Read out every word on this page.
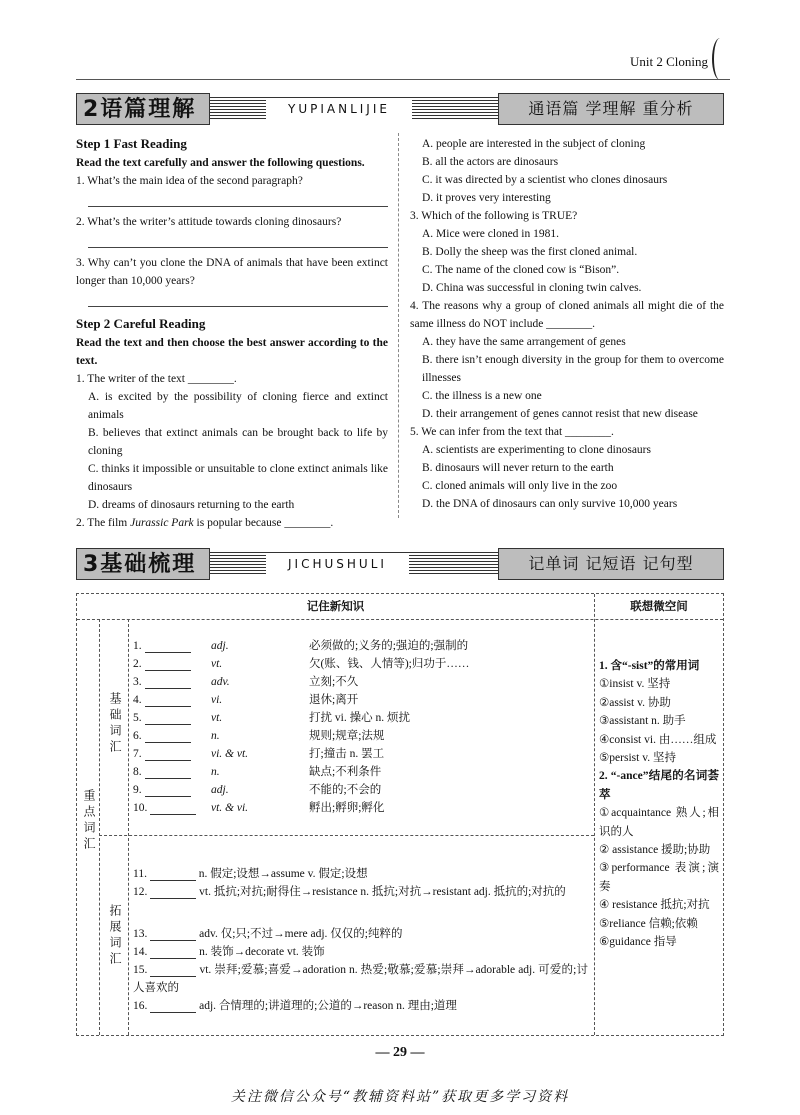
Unit 2 Cloning
2语篇理解	YUPIANLIJIE	通语篇 学理解 重分析
Step 1 Fast Reading
Read the text carefully and answer the following questions.
1. What’s the main idea of the second paragraph?
2. What’s the writer’s attitude towards cloning dinosaurs?
3. Why can’t you clone the DNA of animals that have been extinct longer than 10,000 years?
Step 2 Careful Reading
Read the text and then choose the best answer according to the text.
1. The writer of the text ________.
A. is excited by the possibility of cloning fierce and extinct animals
B. believes that extinct animals can be brought back to life by cloning
C. thinks it impossible or unsuitable to clone extinct animals like dinosaurs
D. dreams of dinosaurs returning to the earth
2. The film Jurassic Park is popular because ________.
A. people are interested in the subject of cloning
B. all the actors are dinosaurs
C. it was directed by a scientist who clones dinosaurs
D. it proves very interesting
3. Which of the following is TRUE?
A. Mice were cloned in 1981.
B. Dolly the sheep was the first cloned animal.
C. The name of the cloned cow is “Bison”.
D. China was successful in cloning twin calves.
4. The reasons why a group of cloned animals all might die of the same illness do NOT include ________.
A. they have the same arrangement of genes
B. there isn’t enough diversity in the group for them to overcome illnesses
C. the illness is a new one
D. their arrangement of genes cannot resist that new disease
5. We can infer from the text that ________.
A. scientists are experimenting to clone dinosaurs
B. dinosaurs will never return to the earth
C. cloned animals will only live in the zoo
D. the DNA of dinosaurs can only survive 10,000 years
3基础梳理	JICHUSHULI	记单词 记短语 记句型
记住新知识	联想微空间
重点词汇
基础词汇
拓展词汇
1.	adj.	必须做的;义务的;强迫的;强制的
2.	vt.	欠(账、钱、人情等);归功于……
3.	adv.	立刻;不久
4.	vi.	退休;离开
5.	vt.	打扰 vi. 操心 n. 烦扰
6.	n.	规则;规章;法规
7.	vi. & vt.	打;撞击 n. 罢工
8.	n.	缺点;不利条件
9.	adj.	不能的;不会的
10.	vt. & vi.	孵出;孵卵;孵化
11.	n. 假定;设想→assume v. 假定;设想
12.	vt. 抵抗;对抗;耐得住→resistance n. 抵抗;对抗→resistant adj. 抵抗的;对抗的
13.	adv. 仅;只;不过→mere adj. 仅仅的;纯粹的
14.	n. 装饰→decorate vt. 装饰
15.	vt. 崇拜;爱慕;喜爱→adoration n. 热爱;敬慕;爱慕;崇拜→adorable adj. 可爱的;讨人喜欢的
16.	adj. 合情理的;讲道理的;公道的→reason n. 理由;道理
1. 含“-sist”的常用词
①insist v. 坚持
②assist v. 协助
③assistant n. 助手
④consist vi. 由……组成
⑤persist v. 坚持
2. “-ance”结尾的名词荟萃
①acquaintance 熟人;相识的人
② assistance 援助;协助
③performance 表演;演奏
④ resistance 抵抗;对抗
⑤reliance 信赖;依赖
⑥guidance 指导
— 29 —
关注微信公众号“教辅资料站”获取更多学习资料
